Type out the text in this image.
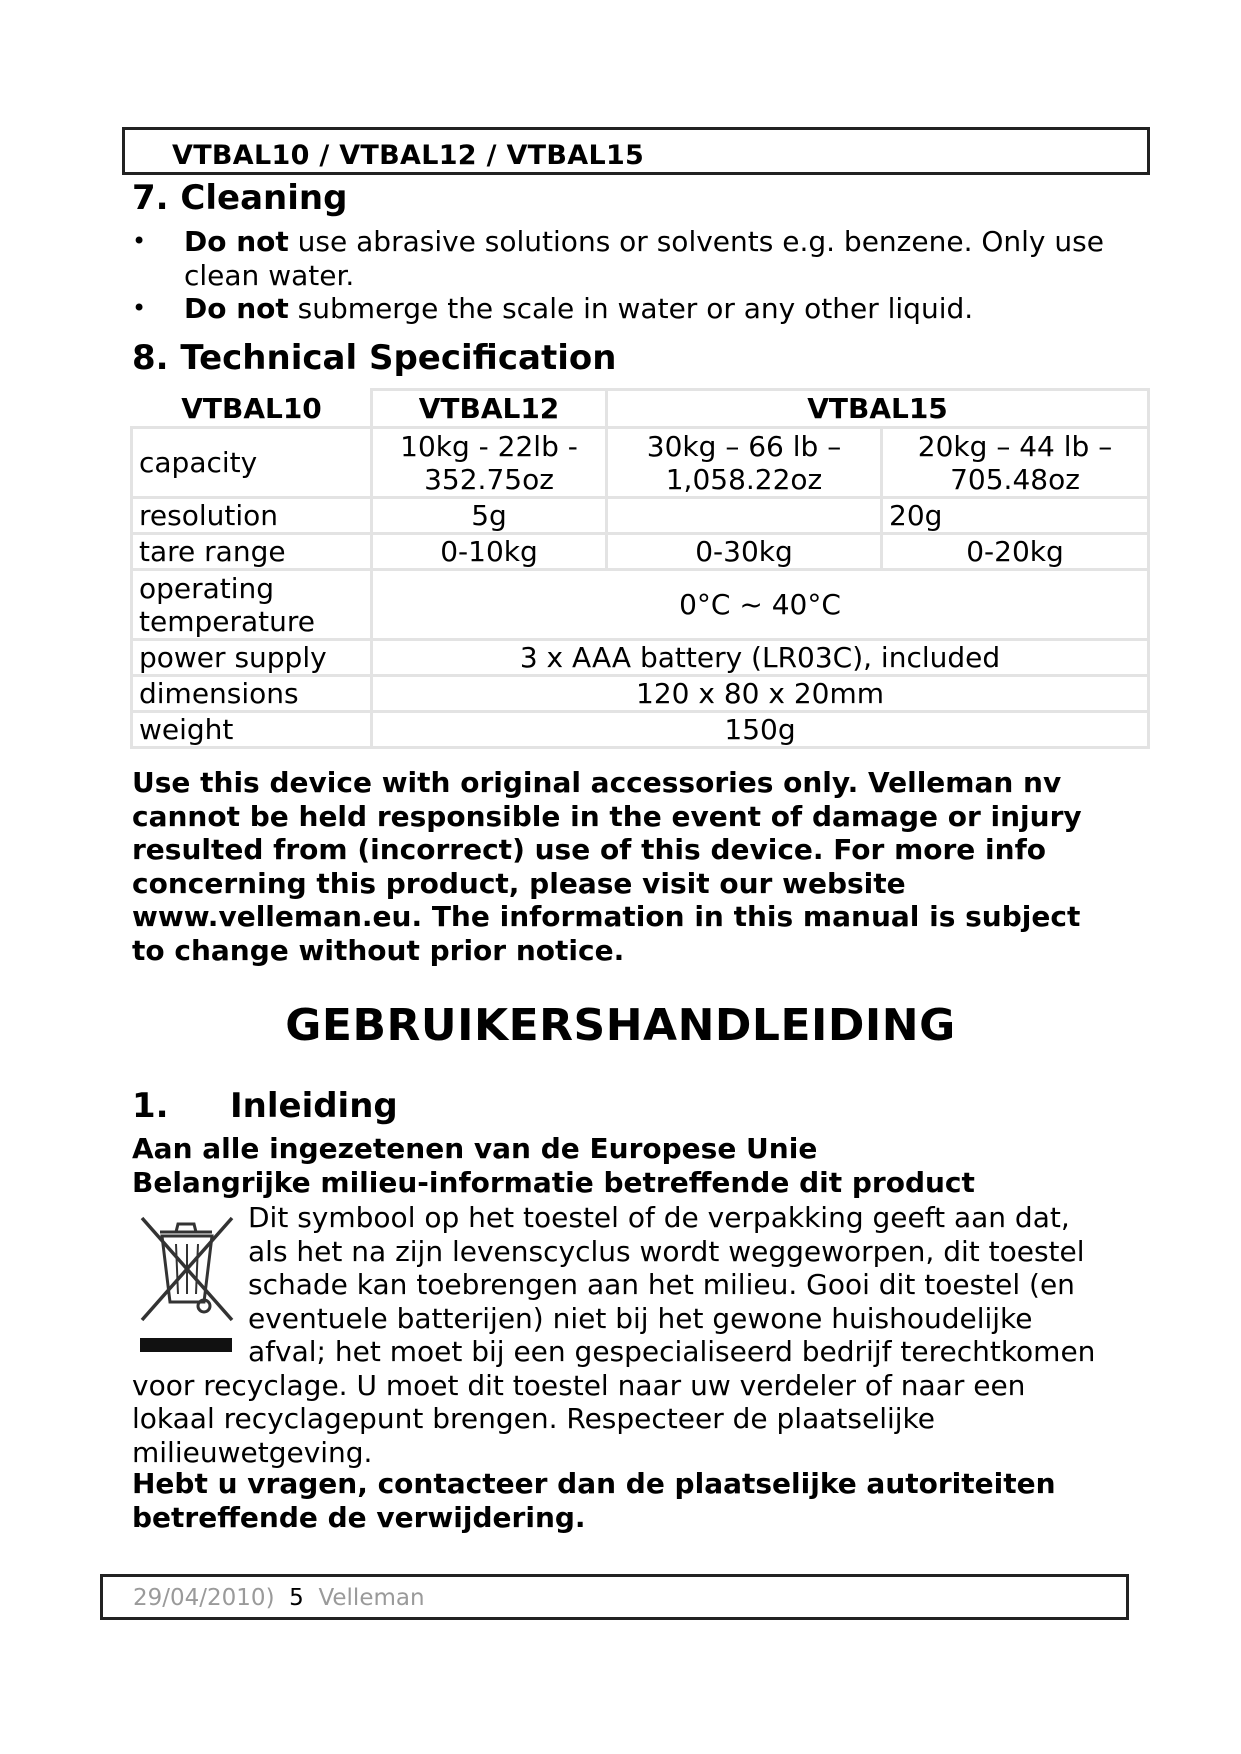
VTBAL10 / VTBAL12 / VTBAL15
7. Cleaning
• Do not use abrasive solutions or solvents e.g. benzene. Only use clean water.
• Do not submerge the scale in water or any other liquid.
8. Technical Specification
VTBAL10	VTBAL12	VTBAL15	
capacity	10kg - 22lb - 352.75oz	30kg – 66 lb – 1,058.22oz	20kg – 44 lb – 705.48oz
resolution	5g		20g
tare range	0-10kg	0-30kg	0-20kg
operating temperature	0°C ~ 40°C		
power supply	3 x AAA battery (LR03C), included		
dimensions	120 x 80 x 20mm		
weight	150g		
Use this device with original accessories only. Velleman nv cannot be held responsible in the event of damage or injury resulted from (incorrect) use of this device. For more info concerning this product, please visit our website www.velleman.eu. The information in this manual is subject to change without prior notice.
GEBRUIKERSHANDLEIDING
1. Inleiding
Aan alle ingezetenen van de Europese Unie
Belangrijke milieu-informatie betreffende dit product
Dit symbool op het toestel of de verpakking geeft aan dat,
als het na zijn levenscyclus wordt weggeworpen, dit toestel
schade kan toebrengen aan het milieu. Gooi dit toestel (en
eventuele batterijen) niet bij het gewone huishoudelijke
afval; het moet bij een gespecialiseerd bedrijf terechtkomen
voor recyclage. U moet dit toestel naar uw verdeler of naar een lokaal recyclagepunt brengen. Respecteer de plaatselijke milieuwetgeving.
Hebt u vragen, contacteer dan de plaatselijke autoriteiten betreffende de verwijdering.
29/04/2010) 5 Velleman
